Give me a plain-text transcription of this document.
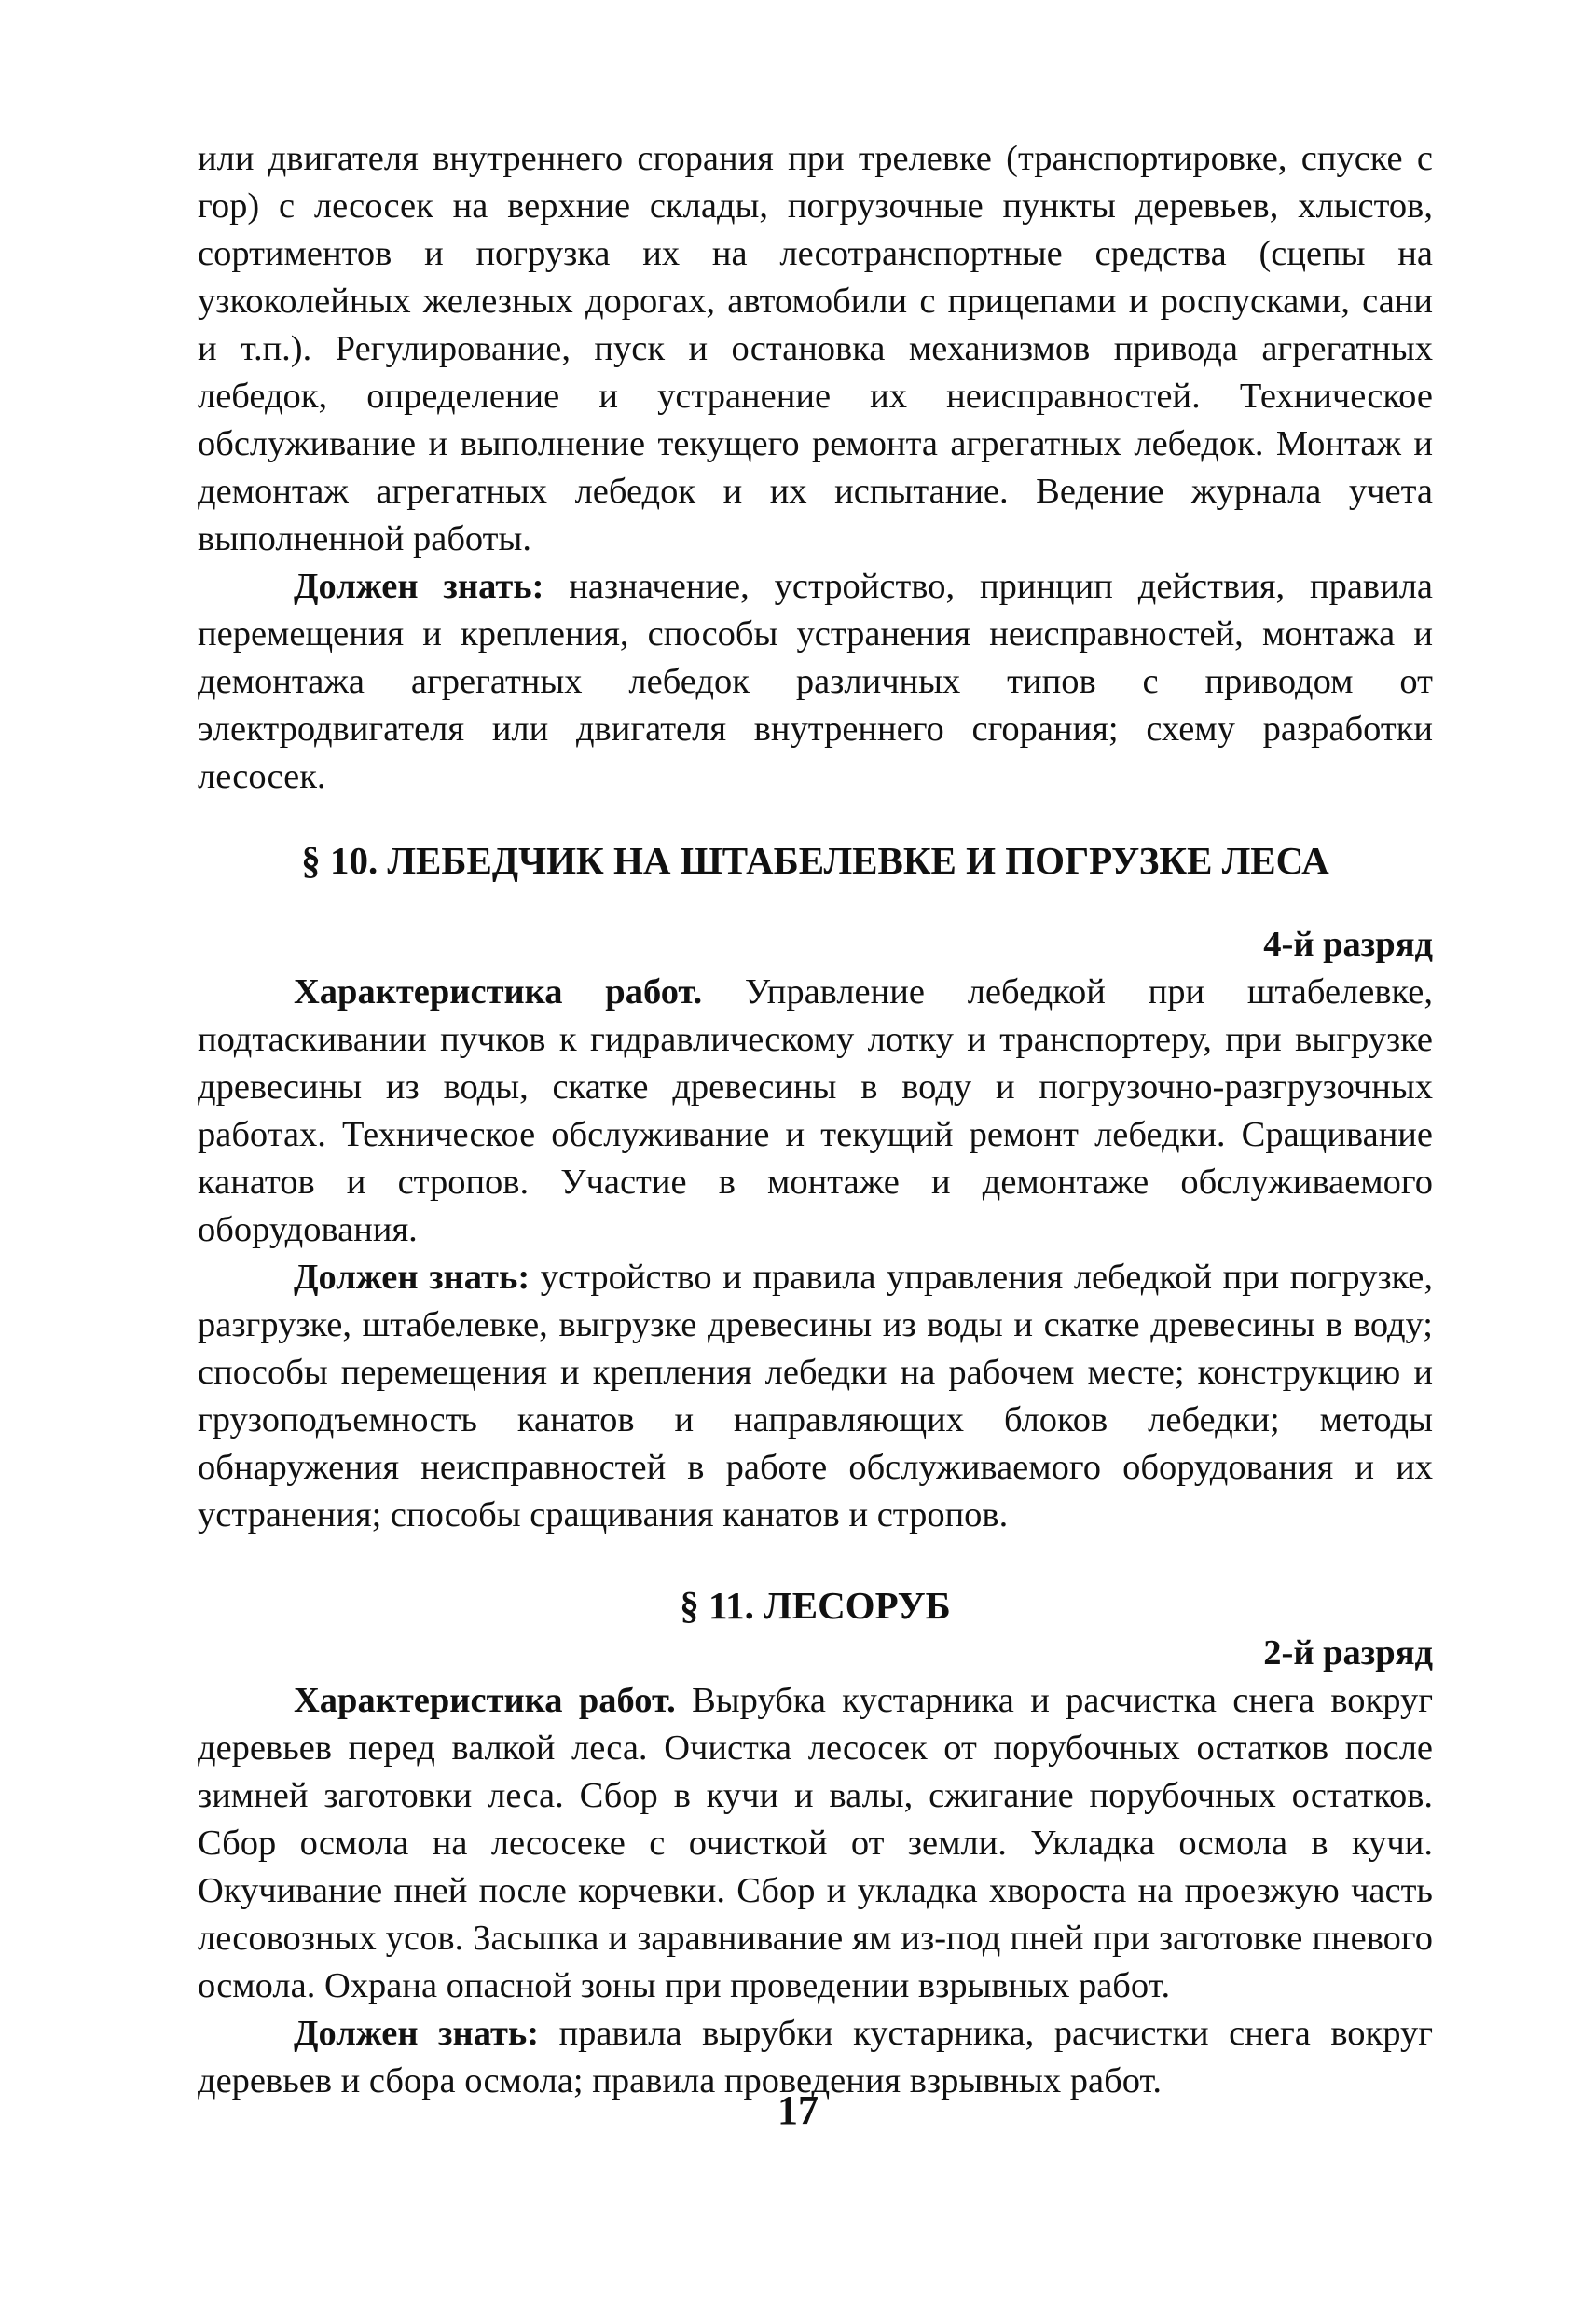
или двигателя внутреннего сгорания при трелевке (транспортировке, спуске с гор) с лесосек на верхние склады, погрузочные пункты деревьев, хлыстов, сортиментов и погрузка их на лесотранспортные средства (сцепы на узкоколейных железных дорогах, автомобили с прицепами и роспусками, сани и т.п.). Регулирование, пуск и остановка механизмов привода агрегатных лебедок, определение и устранение их неисправностей. Техническое обслуживание и выполнение текущего ремонта агрегатных лебедок. Монтаж и демонтаж агрегатных лебедок и их испытание. Ведение журнала учета выполненной работы.

Должен знать: назначение, устройство, принцип действия, правила перемещения и крепления, способы устранения неисправностей, монтажа и демонтажа агрегатных лебедок различных типов с приводом от электродвигателя или двигателя внутреннего сгорания; схему разработки лесосек.

§ 10. ЛЕБЕДЧИК НА ШТАБЕЛЕВКЕ И ПОГРУЗКЕ ЛЕСА

4-й разряд

Характеристика работ. Управление лебедкой при штабелевке, подтаскивании пучков к гидравлическому лотку и транспортеру, при выгрузке древесины из воды, скатке древесины в воду и погрузочно-разгрузочных работах. Техническое обслуживание и текущий ремонт лебедки. Сращивание канатов и стропов. Участие в монтаже и демонтаже обслуживаемого оборудования.

Должен знать: устройство и правила управления лебедкой при погрузке, разгрузке, штабелевке, выгрузке древесины из воды и скатке древесины в воду; способы перемещения и крепления лебедки на рабочем месте; конструкцию и грузоподъемность канатов и направляющих блоков лебедки; методы обнаружения неисправностей в работе обслуживаемого оборудования и их устранения; способы сращивания канатов и стропов.

§ 11. ЛЕСОРУБ

2-й разряд

Характеристика работ. Вырубка кустарника и расчистка снега вокруг деревьев перед валкой леса. Очистка лесосек от порубочных остатков после зимней заготовки леса. Сбор в кучи и валы, сжигание порубочных остатков. Сбор осмола на лесосеке с очисткой от земли. Укладка осмола в кучи. Окучивание пней после корчевки. Сбор и укладка хвороста на проезжую часть лесовозных усов. Засыпка и заравнивание ям из-под пней при заготовке пневого осмола. Охрана опасной зоны при проведении взрывных работ.

Должен знать: правила вырубки кустарника, расчистки снега вокруг деревьев и сбора осмола; правила проведения взрывных работ.

17
